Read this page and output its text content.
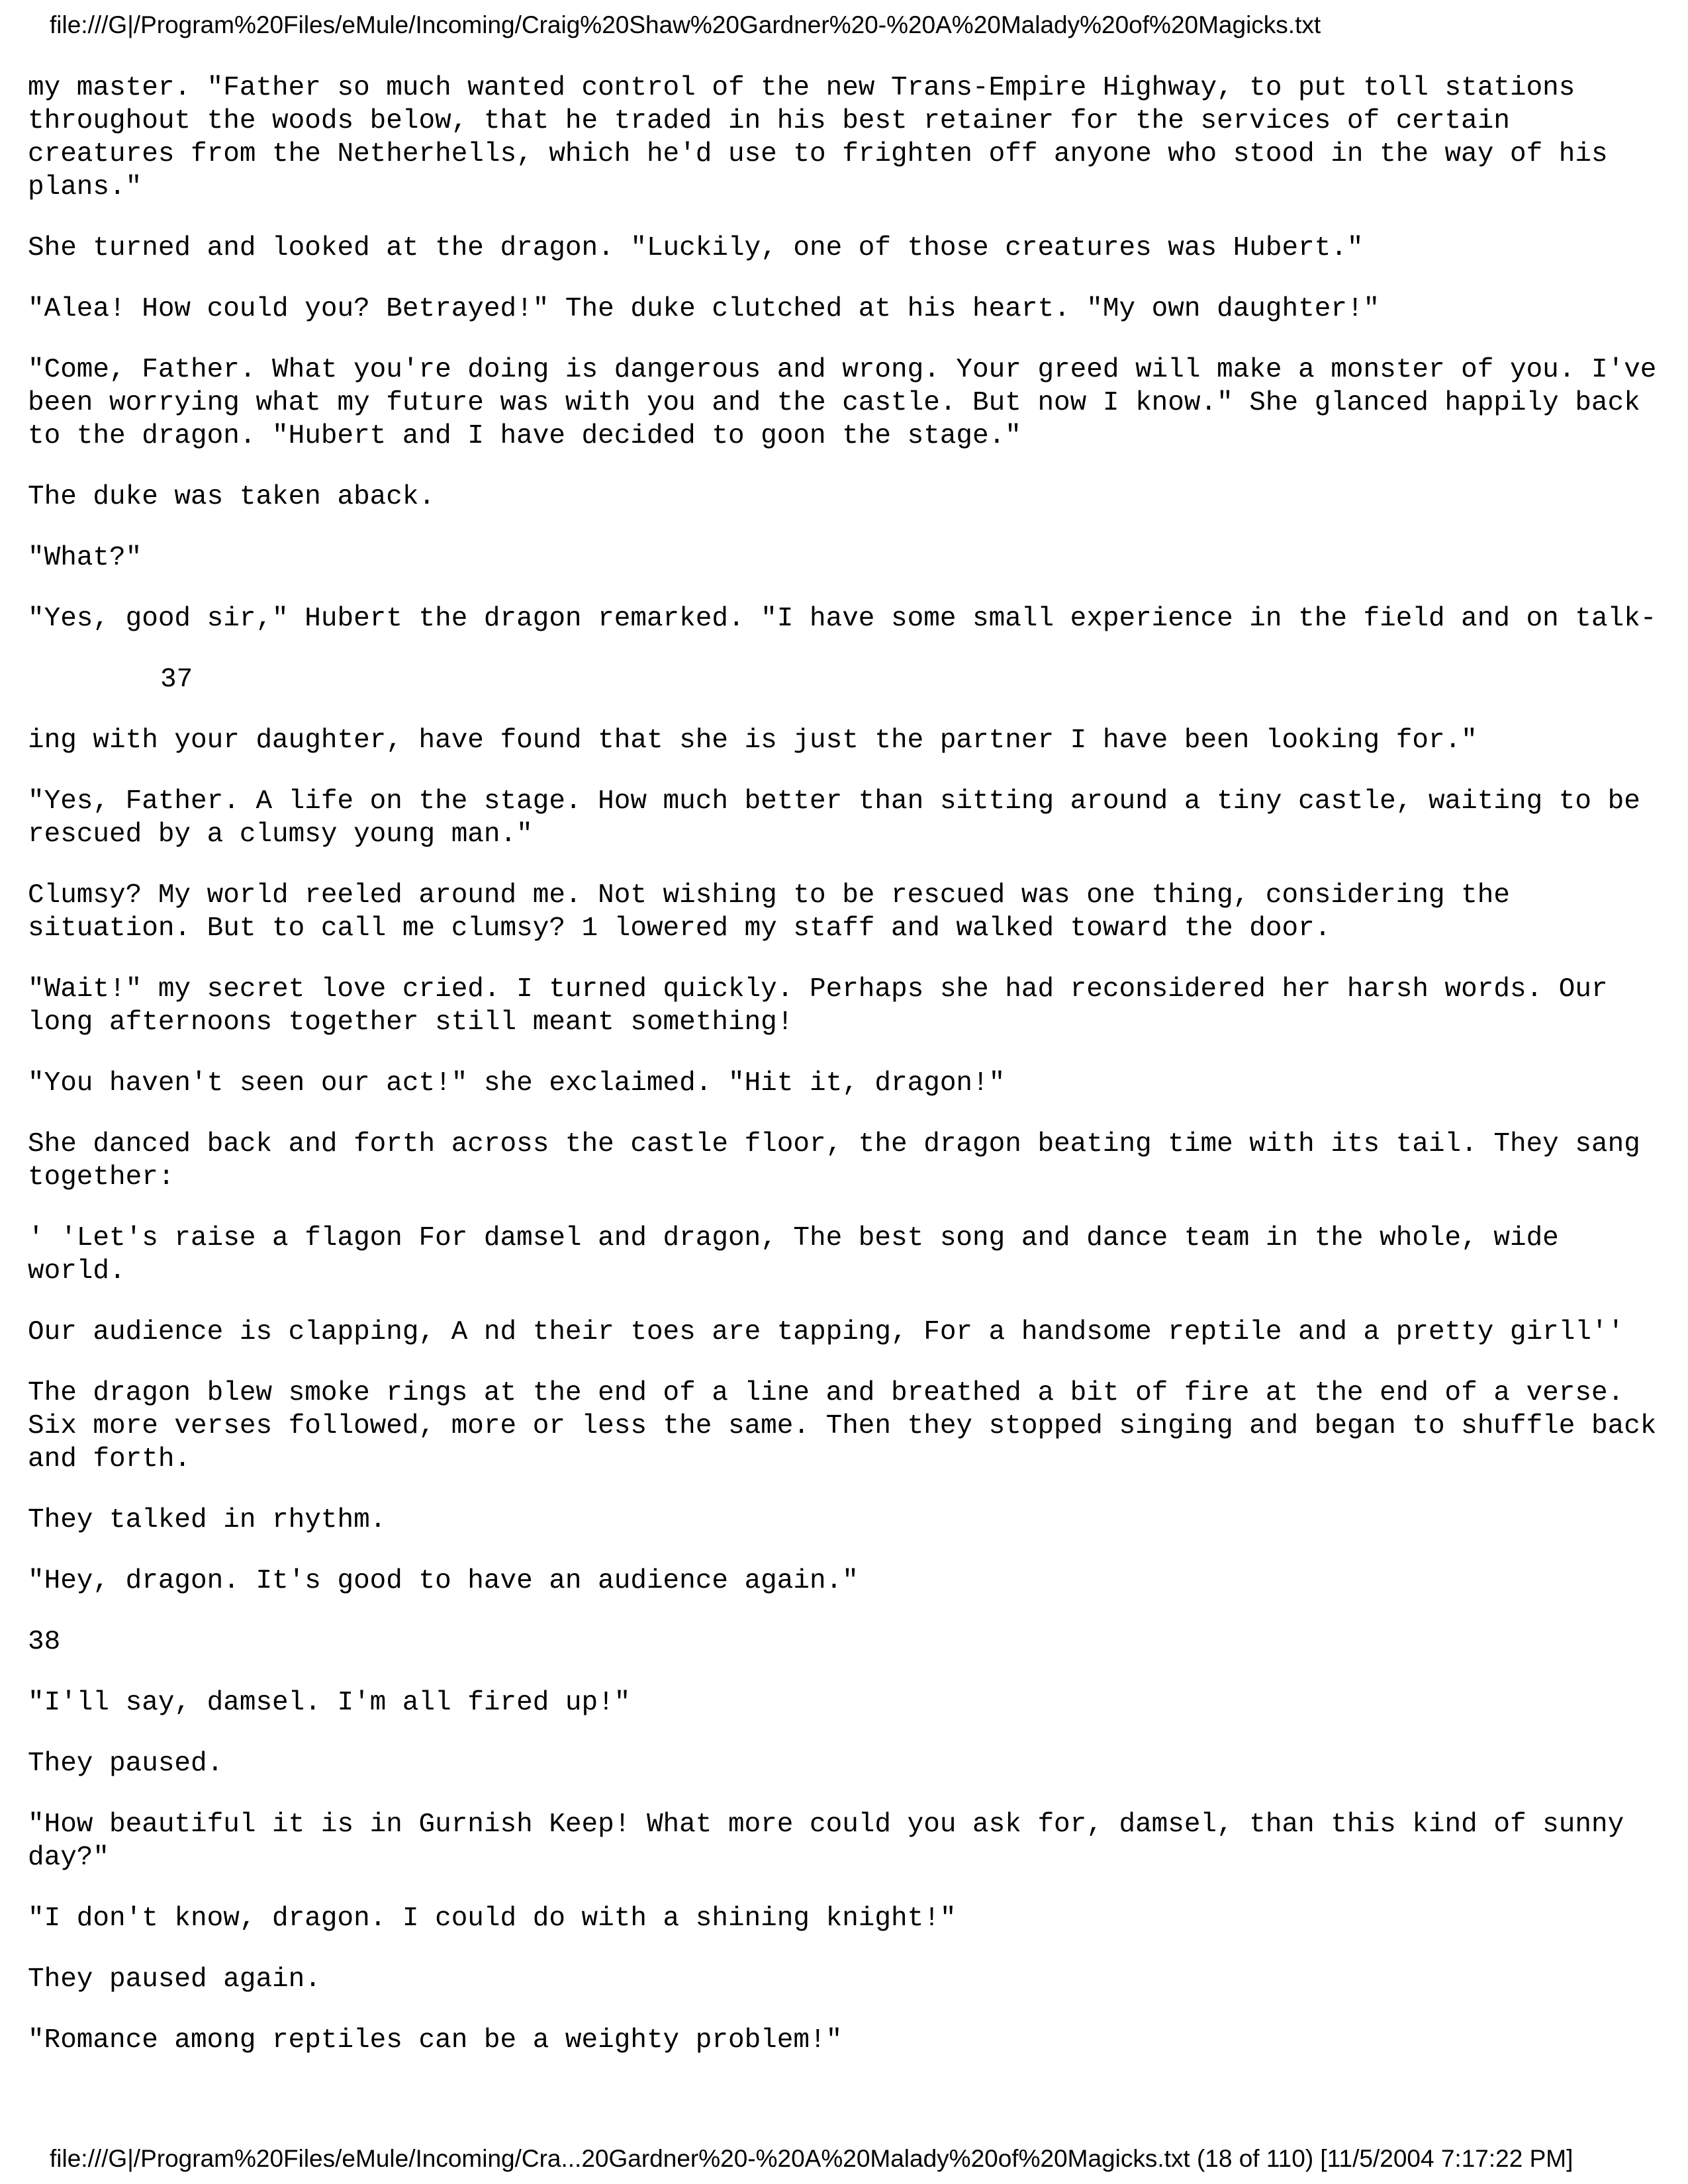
file:///G|/Program%20Files/eMule/Incoming/Craig%20Shaw%20Gardner%20-%20A%20Malady%20of%20Magicks.txt

my master. "Father so much wanted control of the new Trans-Empire Highway, to put toll stations throughout the woods below, that he traded in his best retainer for the services of certain creatures from the Netherhells, which he'd use to frighten off anyone who stood in the way of his plans."

She turned and looked at the dragon. "Luckily, one of those creatures was Hubert."

"Alea! How could you? Betrayed!" The duke clutched at his heart. "My own daughter!"

"Come, Father. What you're doing is dangerous and wrong. Your greed will make a monster of you. I've been worrying what my future was with you and the castle. But now I know." She glanced happily back to the dragon. "Hubert and I have decided to goon the stage."

The duke was taken aback.

"What?"

"Yes, good sir," Hubert the dragon remarked. "I have some small experience in the field and on talk-

37

ing with your daughter, have found that she is just the partner I have been looking for."

"Yes, Father. A life on the stage. How much better than sitting around a tiny castle, waiting to be rescued by a clumsy young man."

Clumsy? My world reeled around me. Not wishing to be rescued was one thing, considering the situation. But to call me clumsy? 1 lowered my staff and walked toward the door.

"Wait!" my secret love cried. I turned quickly. Perhaps she had reconsidered her harsh words. Our long afternoons together still meant something!

"You haven't seen our act!" she exclaimed. "Hit it, dragon!"

She danced back and forth across the castle floor, the dragon beating time with its tail. They sang together:

' 'Let's raise a flagon For damsel and dragon, The best song and dance team in the whole, wide world.

Our audience is clapping, A nd their toes are tapping, For a handsome reptile and a pretty girll''

The dragon blew smoke rings at the end of a line and breathed a bit of fire at the end of a verse. Six more verses followed, more or less the same. Then they stopped singing and began to shuffle back and forth.

They talked in rhythm.

"Hey, dragon. It's good to have an audience again."

38

"I'll say, damsel. I'm all fired up!"

They paused.

"How beautiful it is in Gurnish Keep! What more could you ask for, damsel, than this kind of sunny day?"

"I don't know, dragon. I could do with a shining knight!"

They paused again.

"Romance among reptiles can be a weighty problem!"

file:///G|/Program%20Files/eMule/Incoming/Cra...20Gardner%20-%20A%20Malady%20of%20Magicks.txt (18 of 110) [11/5/2004 7:17:22 PM]
